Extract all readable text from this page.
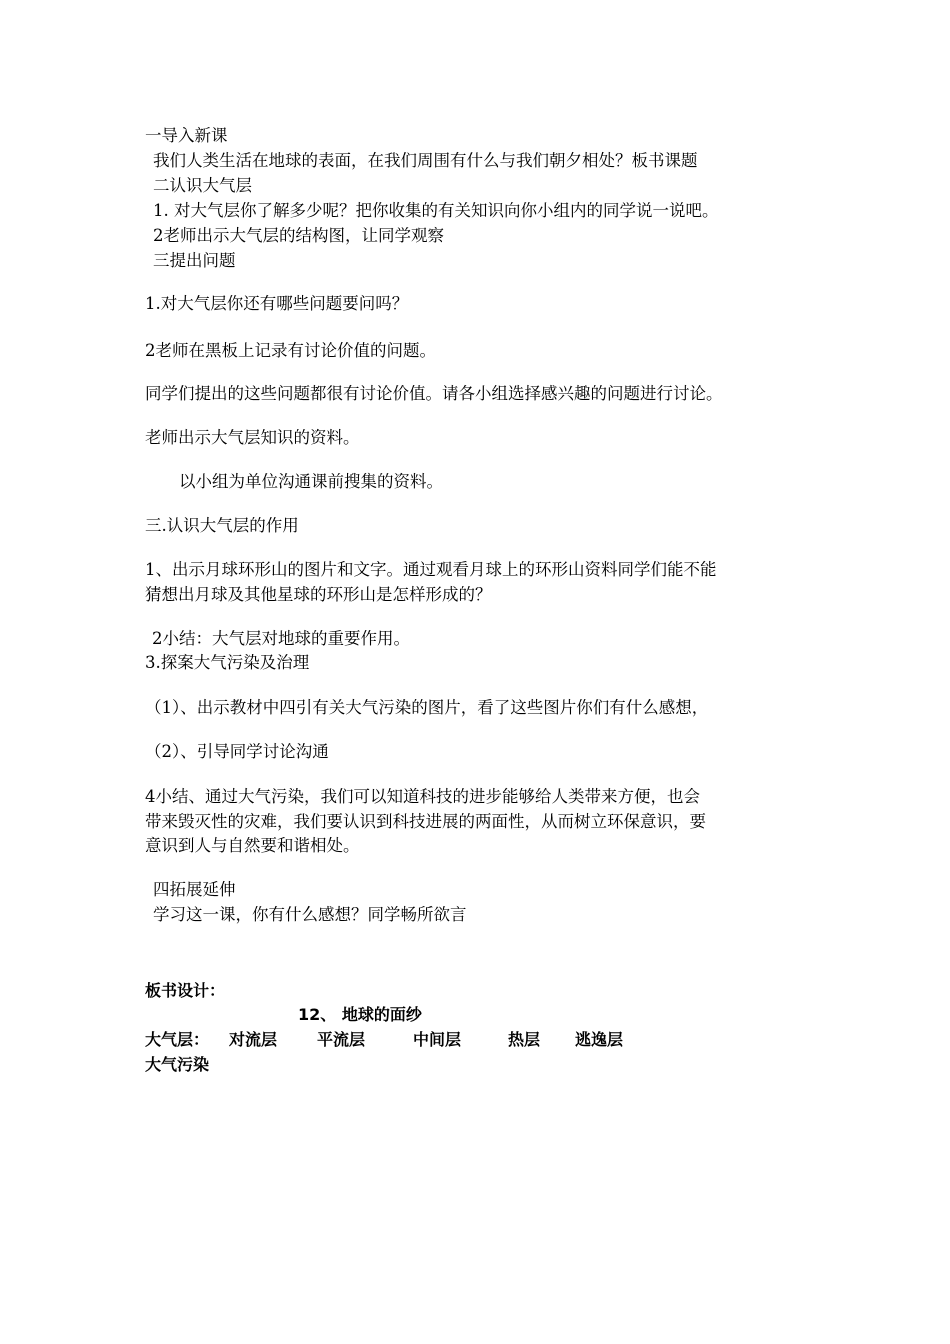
一导入新课

我们人类生活在地球的表面，在我们周围有什么与我们朝夕相处？板书课题

二认识大气层

1. 对大气层你了解多少呢？把你收集的有关知识向你小组内的同学说一说吧。

2老师出示大气层的结构图，让同学观察

三提出问题

1.对大气层你还有哪些问题要问吗？

2老师在黑板上记录有讨论价值的问题。

同学们提出的这些问题都很有讨论价值。请各小组选择感兴趣的问题进行讨论。

老师出示大气层知识的资料。

以小组为单位沟通课前搜集的资料。

三.认识大气层的作用

1、出示月球环形山的图片和文字。通过观看月球上的环形山资料同学们能不能

猜想出月球及其他星球的环形山是怎样形成的？

2小结：大气层对地球的重要作用。

3.探案大气污染及治理

（1）、出示教材中四引有关大气污染的图片，看了这些图片你们有什么感想，

（2）、引导同学讨论沟通

4小结、通过大气污染，我们可以知道科技的进步能够给人类带来方便，也会

带来毁灭性的灾难，我们要认识到科技进展的两面性，从而树立环保意识，要

意识到人与自然要和谐相处。

四拓展延伸

学习这一课，你有什么感想？同学畅所欲言

板书设计：

12、 地球的面纱

大气层： 对流层 平流层	中间层	热层 逃逸层

大气污染
